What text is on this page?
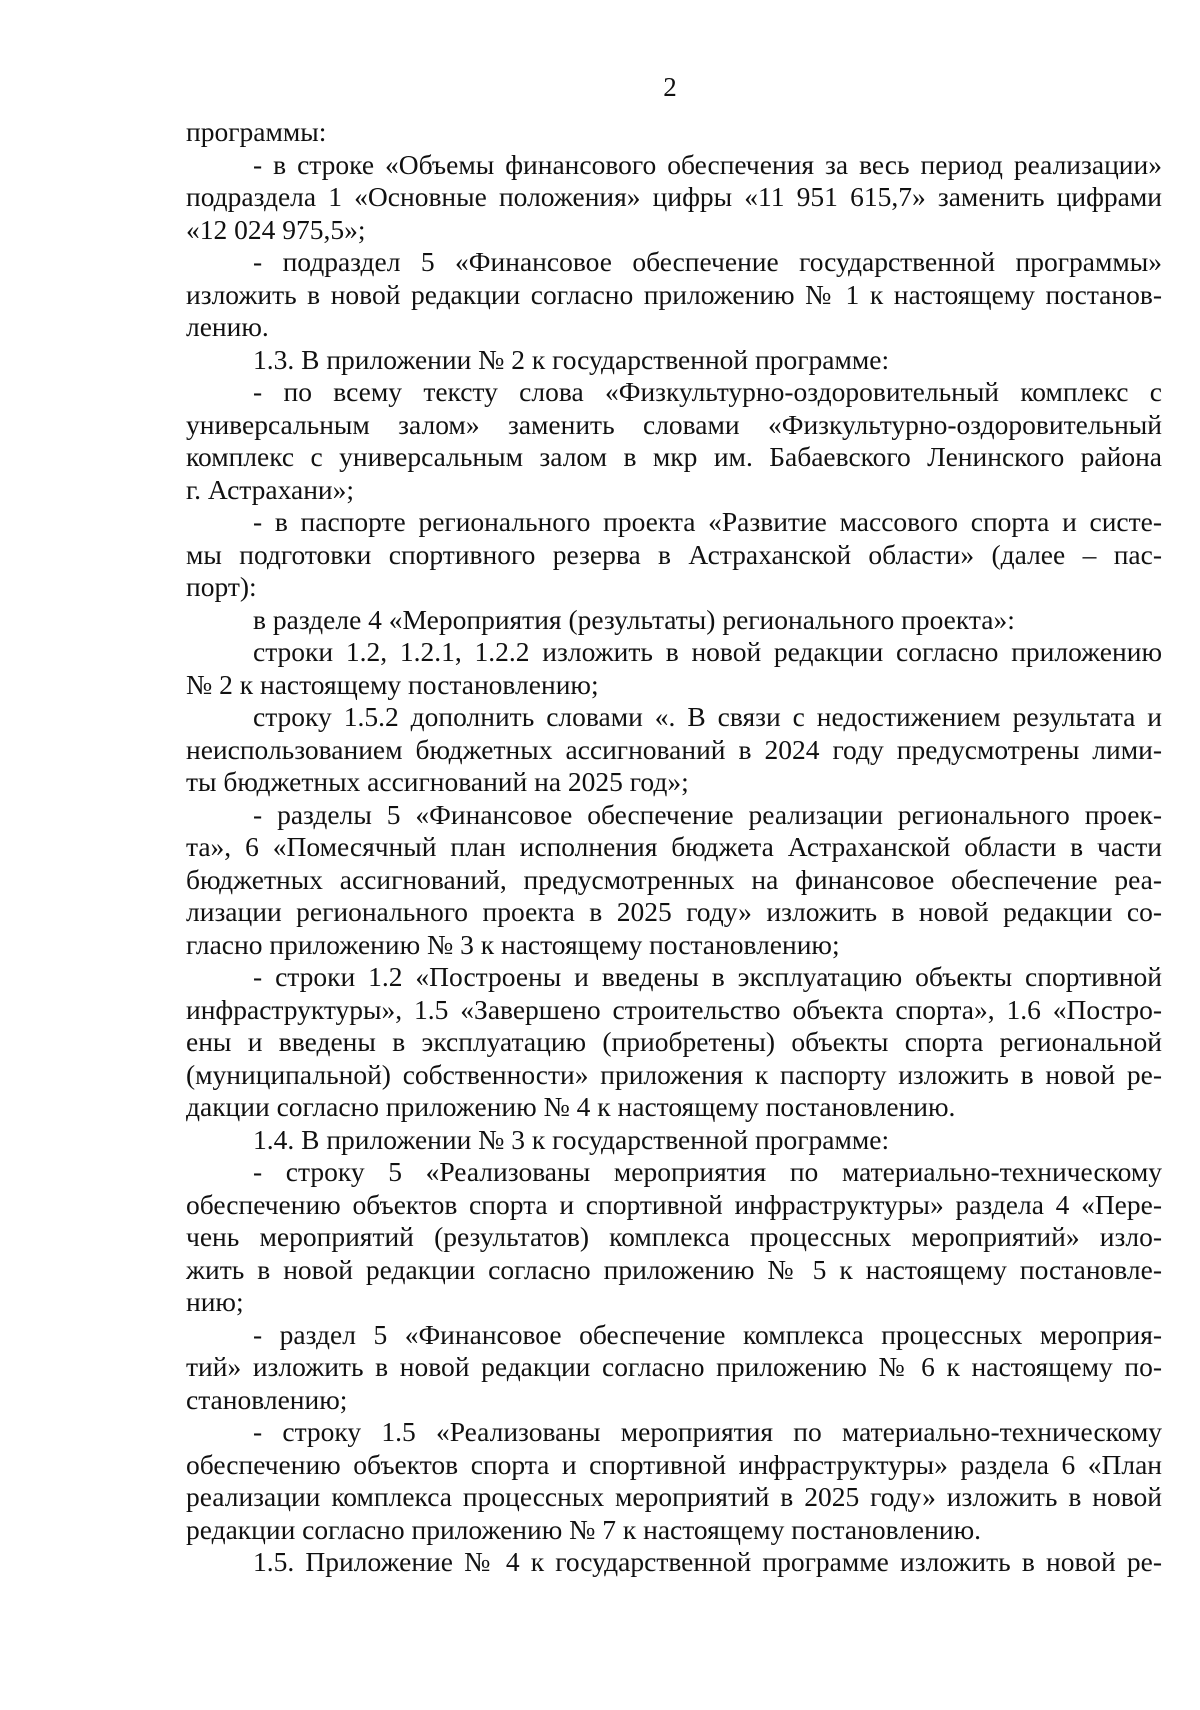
2

программы:

- в строке «Объемы финансового обеспечения за весь период реализации»

подраздела 1 «Основные положения» цифры «11 951 615,7» заменить цифрами

«12 024 975,5»;

- подраздел 5 «Финансовое обеспечение государственной программы»

изложить в новой редакции согласно приложению № 1 к настоящему постанов-

лению.

1.3. В приложении № 2 к государственной программе:

- по всему тексту слова «Физкультурно-оздоровительный комплекс с

универсальным залом» заменить словами «Физкультурно-оздоровительный

комплекс с универсальным залом в мкр им. Бабаевского Ленинского района

г. Астрахани»;

- в паспорте регионального проекта «Развитие массового спорта и систе-

мы подготовки спортивного резерва в Астраханской области» (далее – пас-

порт):

в разделе 4 «Мероприятия (результаты) регионального проекта»:

строки 1.2, 1.2.1, 1.2.2 изложить в новой редакции согласно приложению

№ 2 к настоящему постановлению;

строку 1.5.2 дополнить словами «. В связи с недостижением результата и

неиспользованием бюджетных ассигнований в 2024 году предусмотрены лими-

ты бюджетных ассигнований на 2025 год»;

- разделы 5 «Финансовое обеспечение реализации регионального проек-

та», 6 «Помесячный план исполнения бюджета Астраханской области в части

бюджетных ассигнований, предусмотренных на финансовое обеспечение реа-

лизации регионального проекта в 2025 году» изложить в новой редакции со-

гласно приложению № 3 к настоящему постановлению;

- строки 1.2 «Построены и введены в эксплуатацию объекты спортивной

инфраструктуры», 1.5 «Завершено строительство объекта спорта», 1.6 «Постро-

ены и введены в эксплуатацию (приобретены) объекты спорта региональной

(муниципальной) собственности» приложения к паспорту изложить в новой ре-

дакции согласно приложению № 4 к настоящему постановлению.

1.4. В приложении № 3 к государственной программе:

- строку 5 «Реализованы мероприятия по материально-техническому

обеспечению объектов спорта и спортивной инфраструктуры» раздела 4 «Пере-

чень мероприятий (результатов) комплекса процессных мероприятий» изло-

жить в новой редакции согласно приложению № 5 к настоящему постановле-

нию;

- раздел 5 «Финансовое обеспечение комплекса процессных мероприя-

тий» изложить в новой редакции согласно приложению № 6 к настоящему по-

становлению;

- строку 1.5 «Реализованы мероприятия по материально-техническому

обеспечению объектов спорта и спортивной инфраструктуры» раздела 6 «План

реализации комплекса процессных мероприятий в 2025 году» изложить в новой

редакции согласно приложению № 7 к настоящему постановлению.

1.5. Приложение № 4 к государственной программе изложить в новой ре-
